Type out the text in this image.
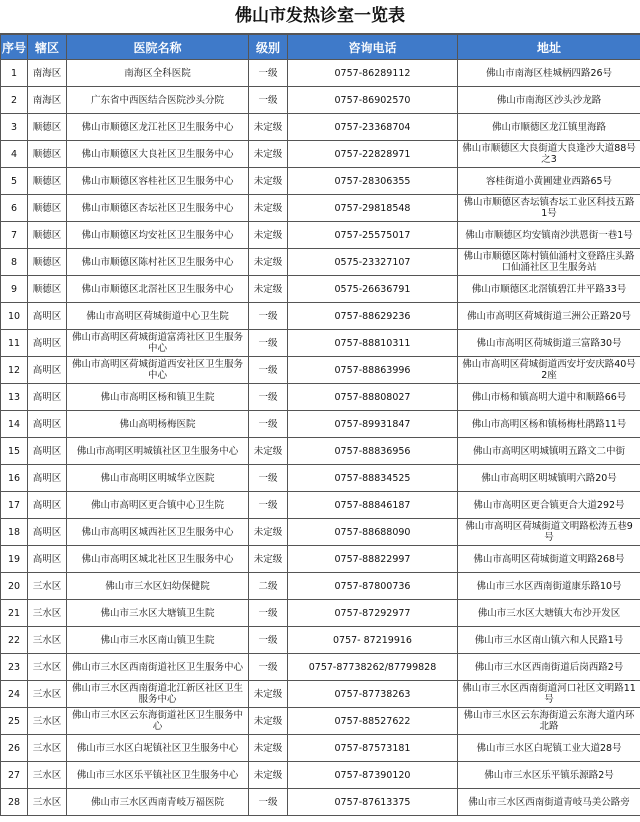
佛山市发热诊室一览表
序号	辖区	医院名称	级别	咨询电话	地址
1	南海区	南海区全科医院	一级	0757-86289112	佛山市南海区桂城柄四路26号
2	南海区	广东省中西医结合医院沙头分院	一级	0757-86902570	佛山市南海区沙头沙龙路
3	顺德区	佛山市顺德区龙江社区卫生服务中心	未定级	0757-23368704	佛山市顺德区龙江镇里海路
4	顺德区	佛山市顺德区大良社区卫生服务中心	未定级	0757-22828971	佛山市顺德区大良街道大良逢沙大道88号之3
5	顺德区	佛山市顺德区容桂社区卫生服务中心	未定级	0757-28306355	容桂街道小黄圃建业西路65号
6	顺德区	佛山市顺德区杏坛社区卫生服务中心	未定级	0757-29818548	佛山市顺德区杏坛镇杏坛工业区科技五路1号
7	顺德区	佛山市顺德区均安社区卫生服务中心	未定级	0757-25575017	佛山市顺德区均安镇南沙洪恩街一巷1号
8	顺德区	佛山市顺德区陈村社区卫生服务中心	未定级	0575-23327107	佛山市顺德区陈村镇仙涌村文登路庄头路口仙涌社区卫生服务站
9	顺德区	佛山市顺德区北滘社区卫生服务中心	未定级	0575-26636791	佛山市顺德区北滘镇碧江井平路33号
10	高明区	佛山市高明区荷城街道中心卫生院	一级	0757-88629236	佛山市高明区荷城街道三洲公正路20号
11	高明区	佛山市高明区荷城街道富湾社区卫生服务中心	一级	0757-88810311	佛山市高明区荷城街道三富路30号
12	高明区	佛山市高明区荷城街道西安社区卫生服务中心	一级	0757-88863996	佛山市高明区荷城街道西安圩安庆路40号2座
13	高明区	佛山市高明区杨和镇卫生院	一级	0757-88808027	佛山市杨和镇高明大道中和顺路66号
14	高明区	佛山高明杨梅医院	一级	0757-89931847	佛山市高明区杨和镇杨梅杜鹃路11号
15	高明区	佛山市高明区明城镇社区卫生服务中心	未定级	0757-88836956	佛山市高明区明城镇明五路文二中街
16	高明区	佛山市高明区明城华立医院	一级	0757-88834525	佛山市高明区明城镇明六路20号
17	高明区	佛山市高明区更合镇中心卫生院	一级	0757-88846187	佛山市高明区更合镇更合大道292号
18	高明区	佛山市高明区城西社区卫生服务中心	未定级	0757-88688090	佛山市高明区荷城街道文明路松涛五巷9号
19	高明区	佛山市高明区城北社区卫生服务中心	未定级	0757-88822997	佛山市高明区荷城街道文明路268号
20	三水区	佛山市三水区妇幼保健院	二级	0757-87800736	佛山市三水区西南街道康乐路10号
21	三水区	佛山市三水区大塘镇卫生院	一级	0757-87292977	佛山市三水区大塘镇大布沙开发区
22	三水区	佛山市三水区南山镇卫生院	一级	0757- 87219916	佛山市三水区南山镇六和人民路1号
23	三水区	佛山市三水区西南街道社区卫生服务中心	一级	0757-87738262/87799828	佛山市三水区西南街道后岗西路2号
24	三水区	佛山市三水区西南街道北江新区社区卫生服务中心	未定级	0757-87738263	佛山市三水区西南街道河口社区文明路11号
25	三水区	佛山市三水区云东海街道社区卫生服务中心	未定级	0757-88527622	佛山市三水区云东海街道云东海大道内环北路
26	三水区	佛山市三水区白坭镇社区卫生服务中心	未定级	0757-87573181	佛山市三水区白坭镇工业大道28号
27	三水区	佛山市三水区乐平镇社区卫生服务中心	未定级	0757-87390120	佛山市三水区乐平镇乐源路2号
28	三水区	佛山市三水区西南青岐万福医院	一级	0757-87613375	佛山市三水区西南街道青岐马美公路旁
